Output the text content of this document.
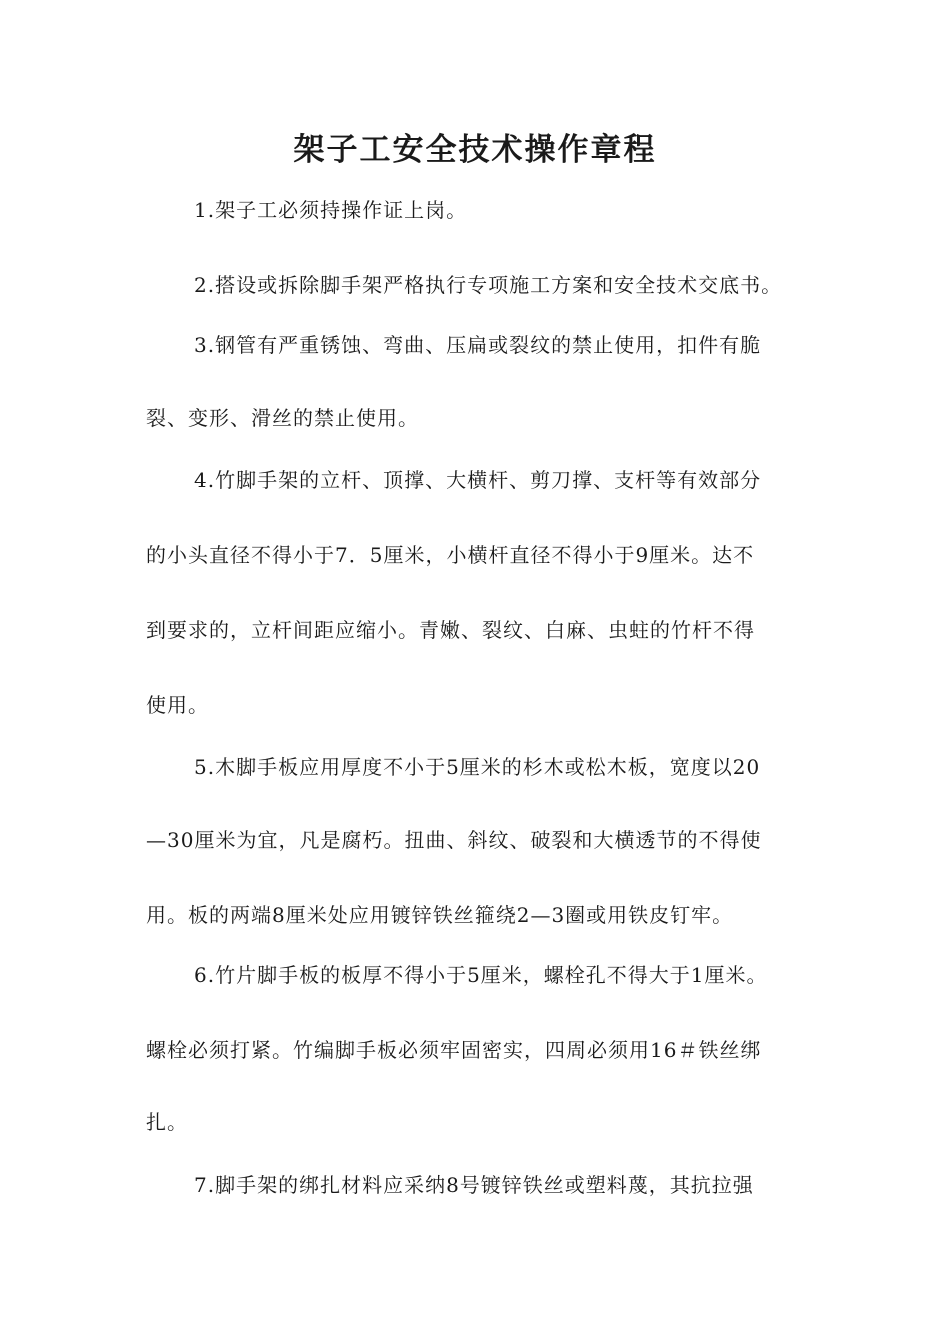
架子工安全技术操作章程
1.架子工必须持操作证上岗。
2.搭设或拆除脚手架严格执行专项施工方案和安全技术交底书。
3.钢管有严重锈蚀、弯曲、压扁或裂纹的禁止使用，扣件有脆
裂、变形、滑丝的禁止使用。
4.竹脚手架的立杆、顶撑、大横杆、剪刀撑、支杆等有效部分
的小头直径不得小于7．5厘米，小横杆直径不得小于9厘米。达不
到要求的，立杆间距应缩小。青嫩、裂纹、白麻、虫蛀的竹杆不得
使用。
5.木脚手板应用厚度不小于5厘米的杉木或松木板，宽度以20
—30厘米为宜，凡是腐朽。扭曲、斜纹、破裂和大横透节的不得使
用。板的两端8厘米处应用镀锌铁丝箍绕2—3圈或用铁皮钉牢。
6.竹片脚手板的板厚不得小于5厘米，螺栓孔不得大于1厘米。
螺栓必须打紧。竹编脚手板必须牢固密实，四周必须用16＃铁丝绑
扎。
7.脚手架的绑扎材料应采纳8号镀锌铁丝或塑料蔑，其抗拉强
